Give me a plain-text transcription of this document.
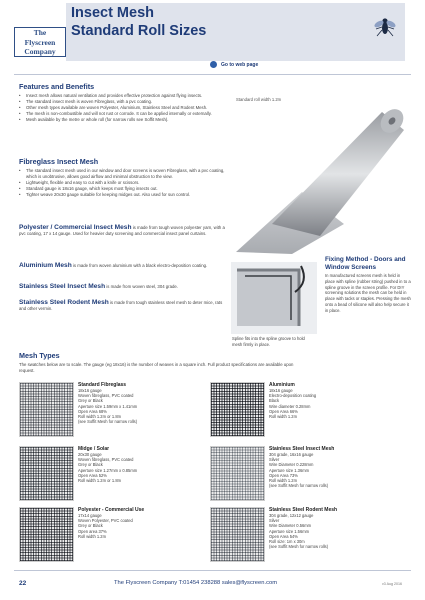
The
Flyscreen
Company
Insect Mesh
Standard Roll Sizes
Go to web page
Features and Benefits
• Insect mesh allows natural ventilation and provides effective protection against flying insects.
• The standard insect mesh is woven Fibreglass, with a pvc coating.
• Other mesh types available are woven Polyester, Aluminium, Stainless Steel and Rodent Mesh.
• The mesh is non-combustible and will not rust or corrode. It can be applied internally or externally.
• Mesh available by the metre or whole roll (for narrow rolls see Soffit Mesh).
Fibreglass Insect Mesh
• The standard insect mesh used in our window and door screens is woven Fibreglass, with a pvc coating, which is unobtrusive, allows good airflow and minimal obstruction to the view.
• Lightweight, flexible and easy to cut with a knife or scissors.
• Standard gauge is 18x16 gauge, which keeps most flying insects out.
• Tighter weave 20x30 gauge suitable for keeping midges out. Also used for sun control.
Polyester / Commercial Insect Mesh is made from tough woven polyester yarn, with a pvc coating, 17 x 14 gauge. Used for heavier duty screening and commercial insect panel curtains.
Aluminium Mesh is made from woven aluminium with a black electro-deposition coating.
Stainless Steel Insect Mesh is made from woven steel, 304 grade.
Stainless Steel Rodent Mesh is made from tough stainless steel mesh to deter mice, rats and other vermin.
Standard roll width 1.2m
Spline fits into the spline groove to hold mesh firmly in place.
Fixing Method - Doors and Window Screens

In manufactured screens mesh is held in place with spline (rubber string) pushed in to a spline groove in the screen profile. For DIY screening solutions the mesh can be held in place with tacks or staples. Pressing the mesh onto a bead of silicone will also help secure it in place.

Mesh Types
The swatches below are to scale. The gauge (eg 18x16) is the number of weaves in a square inch. Full product specifications are available upon request.
Standard Fibreglass
18x16 gauge
Woven fibreglass, PVC coated
Grey or Black
Aperture size 1.59mm x 1.41mm
Open Area 68%
Roll width 1.2m or 1.8m
(see Soffit Mesh for narrow rolls)
Aluminium
18x16 gauge
Electro-deposition coating
Black
Wire diameter 0.28mm
Open Area 66%
Roll width 1.2m
Midge / Solar
20x30 gauge
Woven fibreglass, PVC coated
Grey or Black
Aperture size 1.27mm x 0.85mm
Open Area 52%
Roll width 1.2m or 1.8m
Stainless Steel Insect Mesh
304 grade, 16x16 gauge
Silver
Wire Diameter 0.228mm
Aperture size 1.36mm
Open Area 73%
Roll width 1.2m
(see Soffit Mesh for narrow rolls)
Polyester - Commercial Use
17x14 gauge
Woven Polyester, PVC coated
Grey or Black
Open area 37%
Roll width 1.2m
Stainless Steel Rodent Mesh
304 grade, 12x12 gauge
Silver
Wire Diameter 0.56mm
Aperture size 1.56mm
Open Area 54%
Roll size: 1m x 30m
(see Soffit Mesh for narrow rolls)
22	The Flyscreen Company T:01454 238288 sales@flyscreen.com	v3 Aug 2016
